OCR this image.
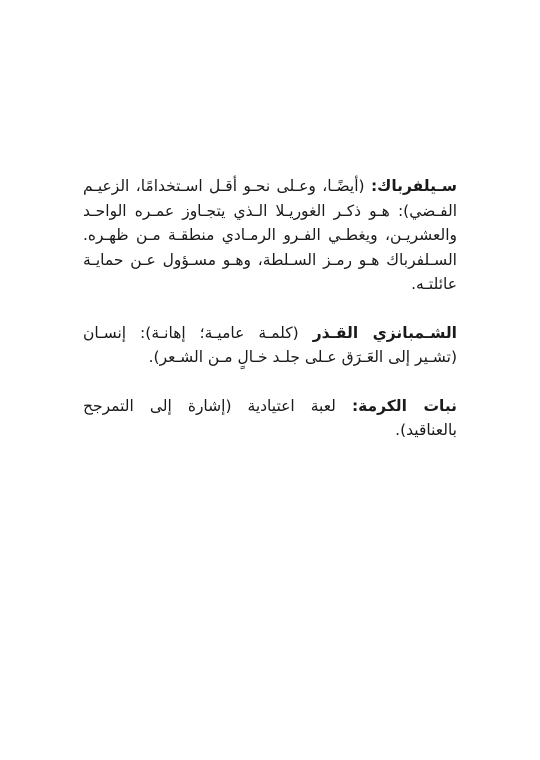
سـيلفرباك: (أيضًـا، وعـلى نحـو أقـل اسـتخدامًا، الزعيـم الفـضي): هـو ذكـر الغوريـلا الـذي يتجـاوز عمـره الواحـد والعشريـن، ويغطـي الفـرو الرمـادي منطقـة مـن ظهـره. السـلفرباك هـو رمـز السـلطة، وهـو مسـؤول عـن حمايـة عائلتـه.

الشـمبانزي القـذر (كلمـة عاميـة؛ إهانـة): إنسـان (تشـير إلى العَـرَق عـلى جلـد خـالٍ مـن الشـعر).

نبات الكرمة: لعبة اعتيادية (إشارة إلى التمرجح بالعناقيد).
